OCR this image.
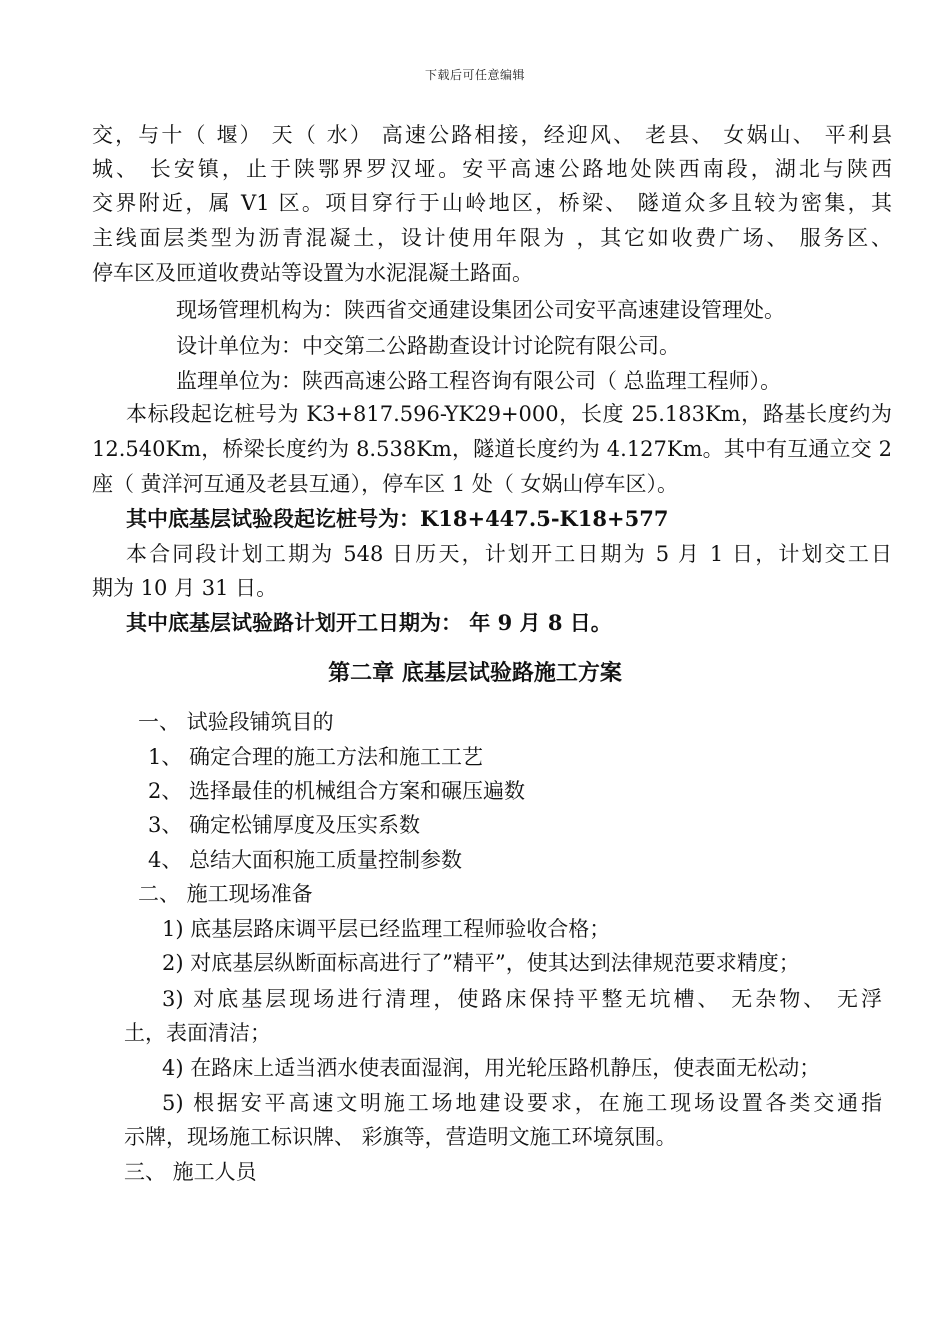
下载后可任意编辑
交，与十（ 堰） 天（ 水） 高速公路相接，经迎风、 老县、 女娲山、 平利县
城、 长安镇，止于陕鄂界罗汉垭。安平高速公路地处陕西南段，湖北与陕西
交界附近，属 V1 区。项目穿行于山岭地区，桥梁、 隧道众多且较为密集，其
主线面层类型为沥青混凝土，设计使用年限为 ，其它如收费广场、 服务区、
停车区及匝道收费站等设置为水泥混凝土路面。
现场管理机构为：陕西省交通建设集团公司安平高速建设管理处。
设计单位为：中交第二公路勘查设计讨论院有限公司。
监理单位为：陕西高速公路工程咨询有限公司（ 总监理工程师）。
本标段起讫桩号为 K3+817.596-YK29+000，长度 25.183Km，路基长度约为
12.540Km，桥梁长度约为 8.538Km，隧道长度约为 4.127Km。其中有互通立交 2
座（ 黄洋河互通及老县互通），停车区 1 处（ 女娲山停车区）。
其中底基层试验段起讫桩号为：K18+447.5-K18+577
本合同段计划工期为 548 日历天，计划开工日期为 5 月 1 日，计划交工日
期为 10 月 31 日。
其中底基层试验路计划开工日期为： 年 9 月 8 日。
第二章 底基层试验路施工方案
一、 试验段铺筑目的
1、 确定合理的施工方法和施工工艺
2、 选择最佳的机械组合方案和碾压遍数
3、 确定松铺厚度及压实系数
4、 总结大面积施工质量控制参数
二、 施工现场准备
1) 底基层路床调平层已经监理工程师验收合格；
2) 对底基层纵断面标高进行了”精平”，使其达到法律规范要求精度；
3) 对底基层现场进行清理，使路床保持平整无坑槽、 无杂物、 无浮
土，表面清洁；
4) 在路床上适当洒水使表面湿润，用光轮压路机静压，使表面无松动；
5) 根据安平高速文明施工场地建设要求，在施工现场设置各类交通指
示牌，现场施工标识牌、 彩旗等，营造明文施工环境氛围。
三、 施工人员
